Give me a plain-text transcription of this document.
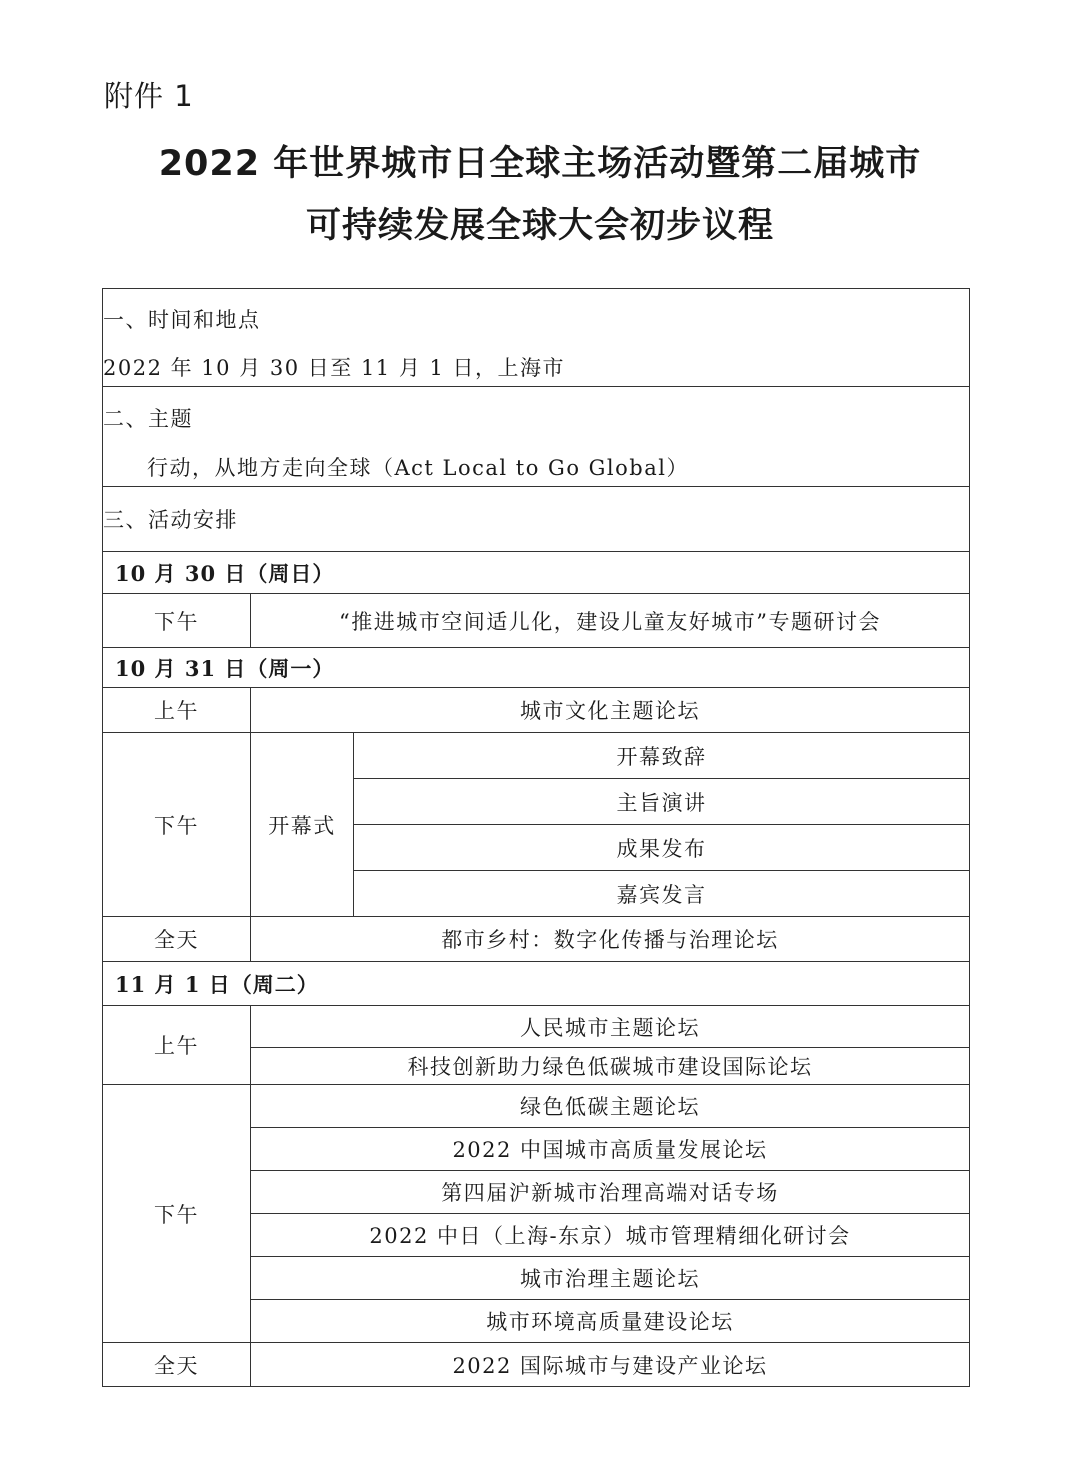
附件 1
2022 年世界城市日全球主场活动暨第二届城市
可持续发展全球大会初步议程
一、时间和地点		
2022 年 10 月 30 日至 11 月 1 日，上海市		
二、主题		
行动，从地方走向全球（Act Local to Go Global）		
三、活动安排		
10 月 30 日（周日）		
下午	“推进城市空间适儿化，建设儿童友好城市”专题研讨会	
10 月 31 日（周一）		
上午	城市文化主题论坛	
下午	开幕式	开幕致辞
		主旨演讲
		成果发布
		嘉宾发言
全天	都市乡村：数字化传播与治理论坛	
11 月 1 日（周二）		
上午	人民城市主题论坛	
	科技创新助力绿色低碳城市建设国际论坛	
下午	绿色低碳主题论坛	
	2022 中国城市高质量发展论坛	
	第四届沪新城市治理高端对话专场	
	2022 中日（上海-东京）城市管理精细化研讨会	
	城市治理主题论坛	
	城市环境高质量建设论坛	
全天	2022 国际城市与建设产业论坛	
